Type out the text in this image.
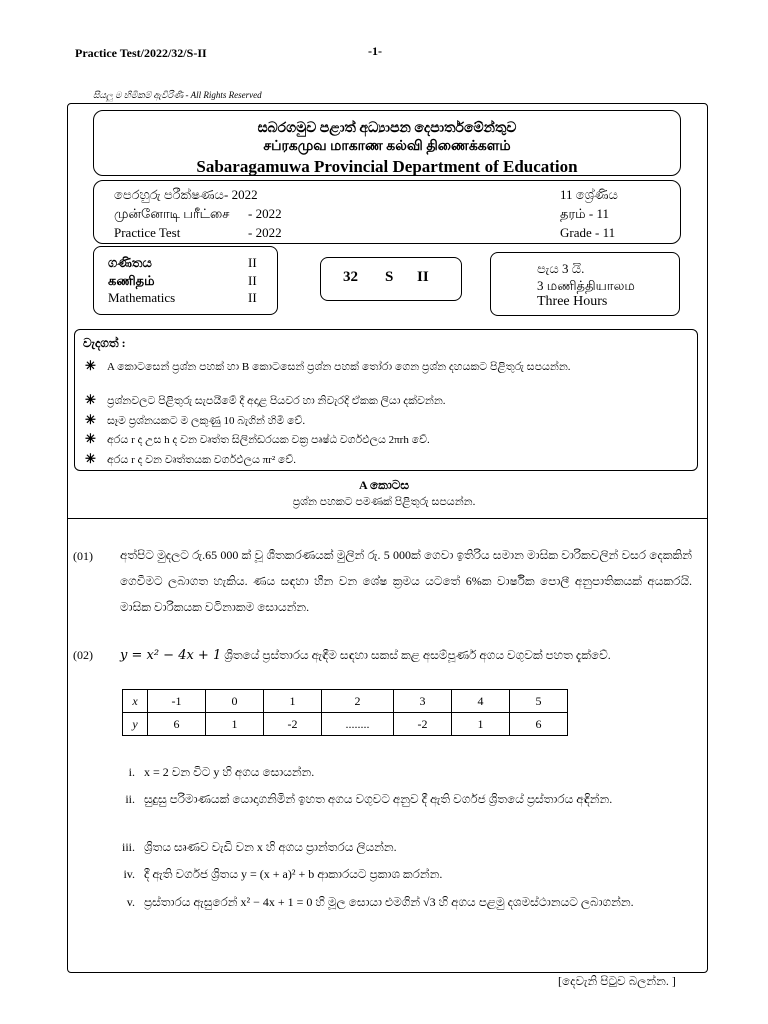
Practice Test/2022/32/S-II	-1-
සියලු ම හිමිකම් ඇවිරිණි - All Rights Reserved
සබරගමුව පළාත් අධ්‍යාපන දෙපාර්තමේන්තුව
சப்ரகமுவ மாகாண கல்வி திணைக்களம்
Sabaragamuwa Provincial Department of Education
පෙරහුරු පරීක්ෂණය - 2022	11 ශ්‍රේණිය
முன்னோடி பரீட்சை - 2022	தரம் - 11
Practice Test	- 2022	Grade - 11
ගණිතය	II
கணிதம்	II
Mathematics	II
32 S II
පැය 3 යි.
3 மணித்தியாலம
Three Hours
වැදගත් :
✳ A කොටසෙන් ප්‍රශ්න පහක් හා B කොටසෙන් ප්‍රශ්න පහක් තෝරා ගෙන ප්‍රශ්න දහයකට පිළිතුරු සපයන්න.
✳ ප්‍රශ්නවලට පිළිතුරු සැපයීමේ දී අදාළ පියවර හා නිවැරදි ඒකක ලියා දක්වන්න.
✳ සෑම ප්‍රශ්නයකට ම ලකුණු 10 බැගින් හිමි වේ.
✳ අරය r ද උස h ද වන වෘත්ත සිලින්ඩරයක වක්‍ර පෘෂ්ඨ වර්ගඵලය 2πrh වේ.
✳ අරය r ද වන වෘත්තයක වර්ගඵලය πr² වේ.
A කොටස
ප්‍රශ්න පහකට පමණක් පිළිතුරු සපයන්න.
(01) අත්පිට මුදලට රු.65 000 ක් වූ ශීතකරණයක් මුලින් රු. 5 000ක් ගෙවා ඉතිරිය සමාන මාසික වාරිකවලින් වසර දෙකකින් ගෙවීමට ලබාගත හැකිය. ණය සඳහා හීන වන ශේෂ ක්‍රමය යටතේ 6%ක වාර්ෂික පොලී අනුපාතිකයක් අයකරයි. මාසික වාරිකයක වටිනාකම සොයන්න.
(02) y = x² − 4x + 1 ශ්‍රිතයේ ප්‍රස්තාරය ඇඳීම සඳහා සකස් කළ අසම්පූර්ණ අගය වගුවක් පහත දැක්වේ.
x	-1	0	1	2	3	4	5
y	6	1	-2	........	-2	1	6
i. x = 2 වන විට y හි අගය සොයන්න.
ii. සුදුසු පරිමාණයක් යොදාගනිමින් ඉහත අගය වගුවට අනුව දී ඇති වර්ගජ ශ්‍රිතයේ ප්‍රස්තාරය අඳින්න.
iii. ශ්‍රිතය සෘණව වැඩි වන x හි අගය ප්‍රාන්තරය ලියන්න.
iv. දී ඇති වර්ගජ ශ්‍රිතය y = (x + a)² + b ආකාරයට ප්‍රකාශ කරන්න.
v. ප්‍රස්තාරය ඇසුරෙන් x² − 4x + 1 = 0 හි මූල සොයා එමගින් √3 හි අගය පළමු දශමස්ථානයට ලබාගන්න.
[දෙවැනි පිටුව බලන්න. ]
